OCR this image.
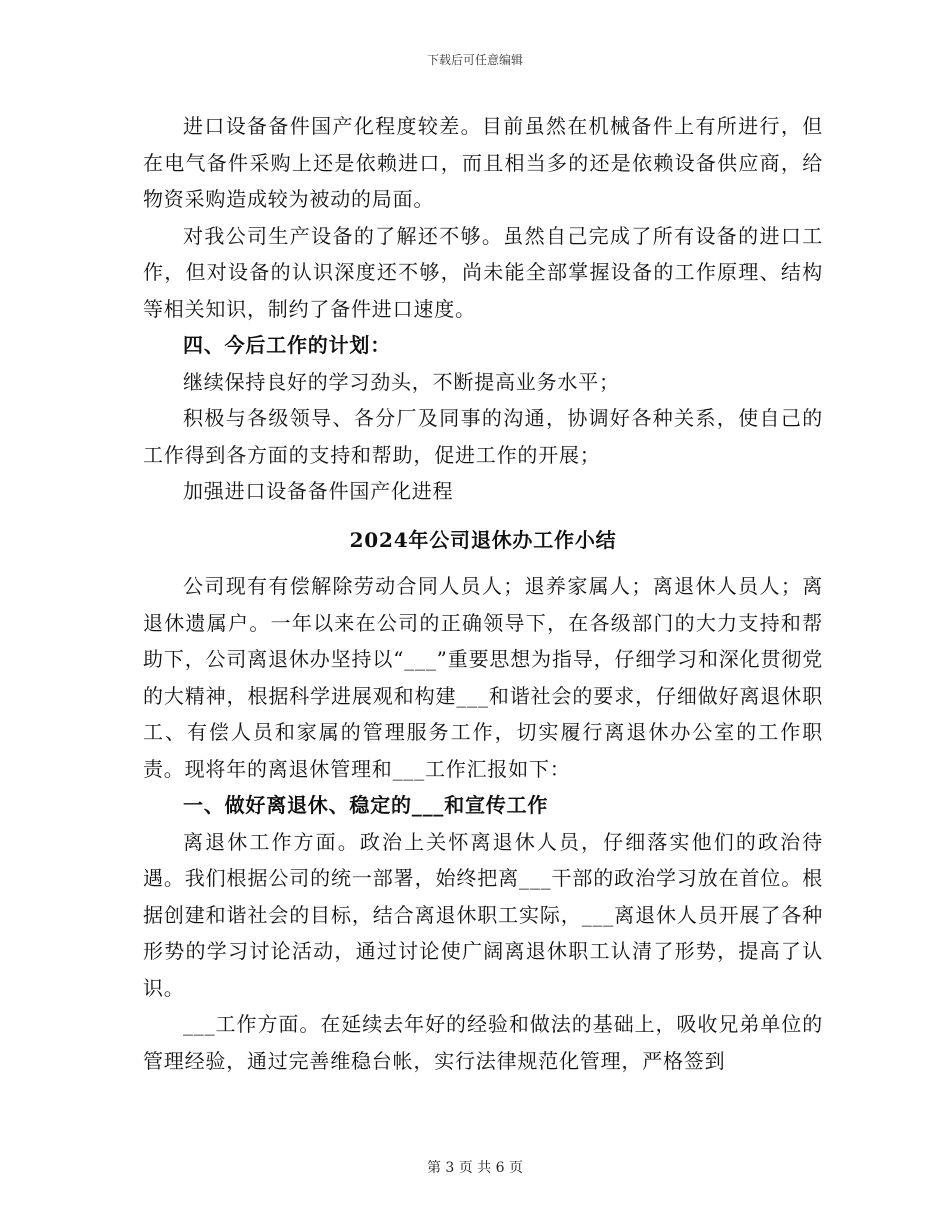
下载后可任意编辑

进口设备备件国产化程度较差。目前虽然在机械备件上有所进行，但在电气备件采购上还是依赖进口，而且相当多的还是依赖设备供应商，给物资采购造成较为被动的局面。

对我公司生产设备的了解还不够。虽然自己完成了所有设备的进口工作，但对设备的认识深度还不够，尚未能全部掌握设备的工作原理、结构等相关知识，制约了备件进口速度。

四、今后工作的计划：

继续保持良好的学习劲头，不断提高业务水平；

积极与各级领导、各分厂及同事的沟通，协调好各种关系，使自己的工作得到各方面的支持和帮助，促进工作的开展；

加强进口设备备件国产化进程

2024年公司退休办工作小结

公司现有有偿解除劳动合同人员人；退养家属人；离退休人员人；离退休遗属户。一年以来在公司的正确领导下，在各级部门的大力支持和帮助下，公司离退休办坚持以“___”重要思想为指导，仔细学习和深化贯彻党的大精神，根据科学进展观和构建___和谐社会的要求，仔细做好离退休职工、有偿人员和家属的管理服务工作，切实履行离退休办公室的工作职责。现将年的离退休管理和___工作汇报如下：

一、做好离退休、稳定的___和宣传工作

离退休工作方面。政治上关怀离退休人员，仔细落实他们的政治待遇。我们根据公司的统一部署，始终把离___干部的政治学习放在首位。根据创建和谐社会的目标，结合离退休职工实际，___离退休人员开展了各种形势的学习讨论活动，通过讨论使广阔离退休职工认清了形势，提高了认识。

___工作方面。在延续去年好的经验和做法的基础上，吸收兄弟单位的管理经验，通过完善维稳台帐，实行法律规范化管理，严格签到

第 3 页 共 6 页
